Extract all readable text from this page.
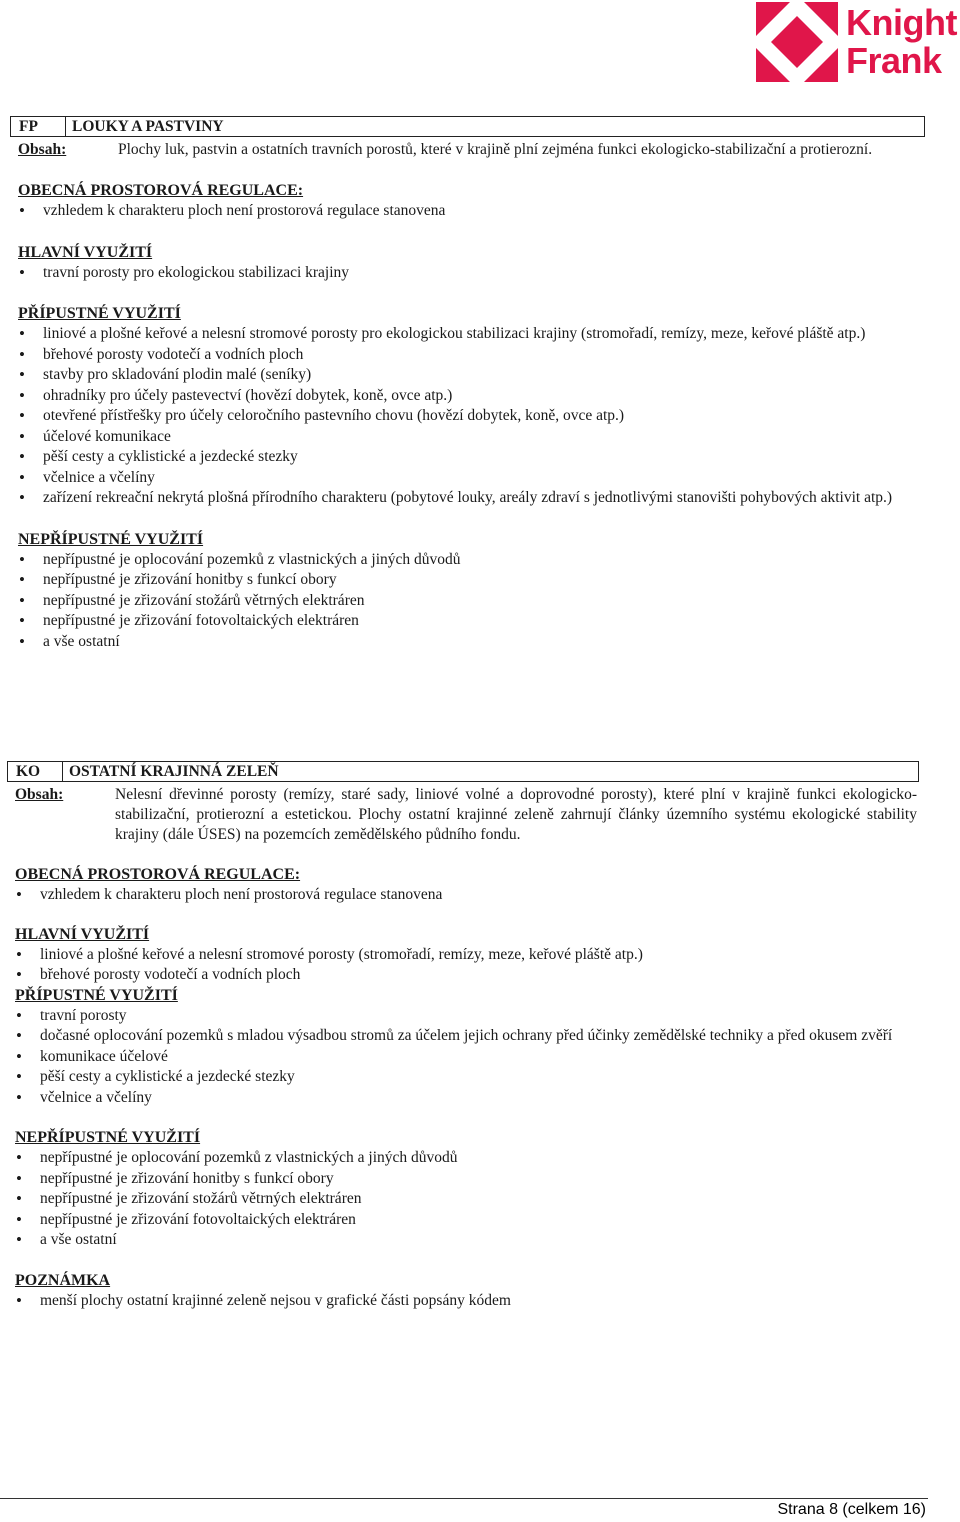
Knight
Frank
FP	LOUKY A PASTVINY
Obsah:	Plochy luk, pastvin a ostatních travních porostů, které v krajině plní zejména funkci ekologicko-stabilizační a protierozní.
OBECNÁ PROSTOROVÁ REGULACE:
• vzhledem k charakteru ploch není prostorová regulace stanovena
HLAVNÍ VYUŽITÍ
• travní porosty pro ekologickou stabilizaci krajiny
PŘÍPUSTNÉ VYUŽITÍ
• liniové a plošné keřové a nelesní stromové porosty pro ekologickou stabilizaci krajiny (stromořadí, remízy, meze, keřové pláště atp.)
• břehové porosty vodotečí a vodních ploch
• stavby pro skladování plodin malé (seníky)
• ohradníky pro účely pastevectví (hovězí dobytek, koně, ovce atp.)
• otevřené přístřešky pro účely celoročního pastevního chovu (hovězí dobytek, koně, ovce atp.)
• účelové komunikace
• pěší cesty a cyklistické a jezdecké stezky
• včelnice a včelíny
• zařízení rekreační nekrytá plošná přírodního charakteru (pobytové louky, areály zdraví s jednotlivými stanovišti pohybových aktivit atp.)
NEPŘÍPUSTNÉ VYUŽITÍ
• nepřípustné je oplocování pozemků z vlastnických a jiných důvodů
• nepřípustné je zřizování honitby s funkcí obory
• nepřípustné je zřizování stožárů větrných elektráren
• nepřípustné je zřizování fotovoltaických elektráren
• a vše ostatní
KO	OSTATNÍ KRAJINNÁ ZELEŇ
Obsah:	Nelesní dřevinné porosty (remízy, staré sady, liniové volné a doprovodné porosty), které plní v krajině funkci ekologicko-stabilizační, protierozní a estetickou. Plochy ostatní krajinné zeleně zahrnují články územního systému ekologické stability krajiny (dále ÚSES) na pozemcích zemědělského půdního fondu.
OBECNÁ PROSTOROVÁ REGULACE:
• vzhledem k charakteru ploch není prostorová regulace stanovena
HLAVNÍ VYUŽITÍ
• liniové a plošné keřové a nelesní stromové porosty (stromořadí, remízy, meze, keřové pláště atp.)
• břehové porosty vodotečí a vodních ploch
PŘÍPUSTNÉ VYUŽITÍ
• travní porosty
• dočasné oplocování pozemků s mladou výsadbou stromů za účelem jejich ochrany před účinky zemědělské techniky a před okusem zvěří
• komunikace účelové
• pěší cesty a cyklistické a jezdecké stezky
• včelnice a včelíny
NEPŘÍPUSTNÉ VYUŽITÍ
• nepřípustné je oplocování pozemků z vlastnických a jiných důvodů
• nepřípustné je zřizování honitby s funkcí obory
• nepřípustné je zřizování stožárů větrných elektráren
• nepřípustné je zřizování fotovoltaických elektráren
• a vše ostatní
POZNÁMKA
• menší plochy ostatní krajinné zeleně nejsou v grafické části popsány kódem
Strana 8 (celkem 16)
